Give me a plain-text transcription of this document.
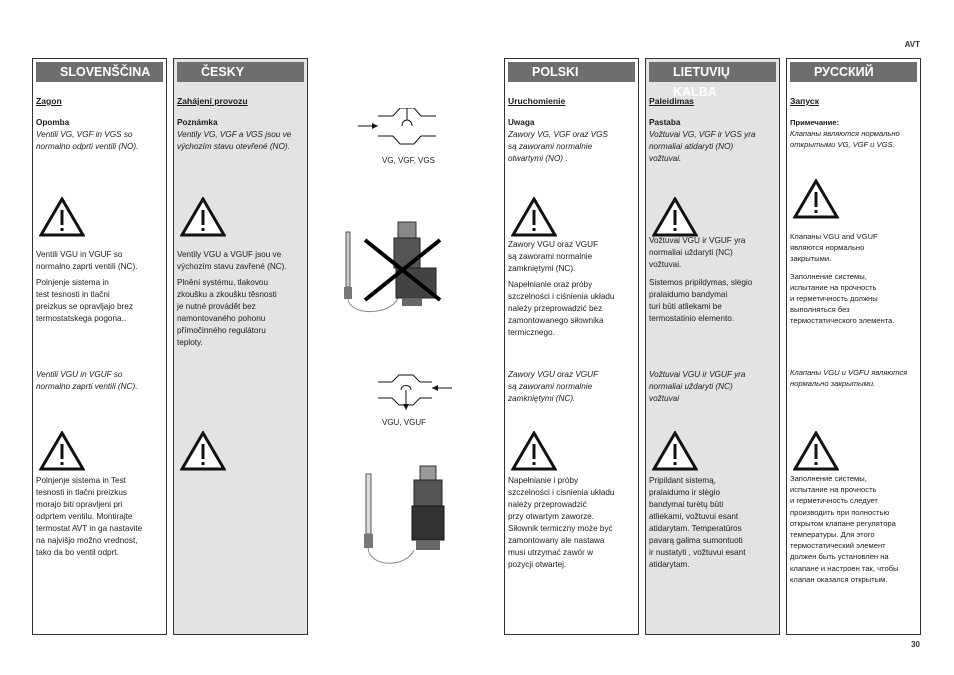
AVT
SLOVENŠČINA
Zagon
Opomba
Ventili VG, VGF in VGS so
normalno odprti ventili (NO).
Ventili VGU in VGUF so
normalno zaprti ventili (NC).
Polnjenje sistema in
test tesnosti in tlačni
preizkus se opravljajo brez
termostatskega pogona..
Ventili VGU in VGUF so
normalno zaprti ventili (NC).
Polnjenje sistema in Test
tesnosti in tlačni preizkus
morajo biti opravljeni pri
odprtem ventilu. Montirajte
termostat AVT in ga nastavite
na najvišjo možno vrednost,
tako da bo ventil odprt.
ČESKY
Zahájení provozu
Poznámka
Ventily VG, VGF a VGS jsou ve
výchozím stavu otevřené (NO).
Ventily VGU a VGUF jsou ve
výchozím stavu zavřené (NC).
Plnění systému, tlakovou
zkoušku a zkoušku těsnosti
je nutné provádět bez
namontovaného pohonu
přímočinného regulátoru
teploty.
VG, VGF, VGS
VGU, VGUF
POLSKI
Uruchomienie
Uwaga
Zawory VG, VGF oraz VGS
są zaworami normalnie
otwartymi (NO) .
Zawory VGU oraz VGUF
są zaworami normalnie
zamkniętymi (NC).
Napełnianie oraz próby
szczelności i ciśnienia układu
należy przeprowadzić bez
zamontowanego siłownika
termicznego.
Zawory VGU oraz VGUF
są zaworami normalnie
zamkniętymi (NC).
Napełnianie i próby
szczelności i cisnienia układu
należy przeprowadzić
przy otwartym zaworze.
Siłownik termiczny może być
zamontowany ale nastawa
musi utrzymać zawór w
pozycji otwartej.
LIETUVIŲ KALBA
Paleidimas
Pastaba
Vožtuvai VG, VGF ir VGS yra
normaliai atidaryti (NO)
vožtuvai.
Vožtuvai VGU ir VGUF yra
normaliai uždaryti (NC)
vožtuvai.
Sistemos pripildymas, slėgio
pralaidumo bandymai
turi būti atliekami be
termostatinio elemento.
Vožtuvai VGU ir VGUF yra
normaliai uždaryti (NC)
vožtuvai
Pripildant sistemą,
pralaidumo ir slėgio
bandymai turėtų būti
atliekami, vožtuvui esant
atidarytam. Temperatūros
pavarą galima sumontuoti
ir nustatyti , vožtuvui esant
atidarytam.
РУССКИЙ
Запуск
Примечание:
Клапаны являются нормально
открытыми VG, VGF и VGS.
Клапаны VGU and VGUF
являются нормально
закрытыми.
Заполнение системы,
испытание на прочность
и герметичность должны
выполняться без
термостатического элемента.
Клапаны VGU и VGFU являются
нормально закрытыми.
Заполнение системы,
испытание на прочность
и герметичность следует
производить при полностью
открытом клапане регулятора
температуры. Для этого
термостатический элемент
должен быть установлен на
клапане и настроен так, чтобы
клапан оказался открытым.
30
